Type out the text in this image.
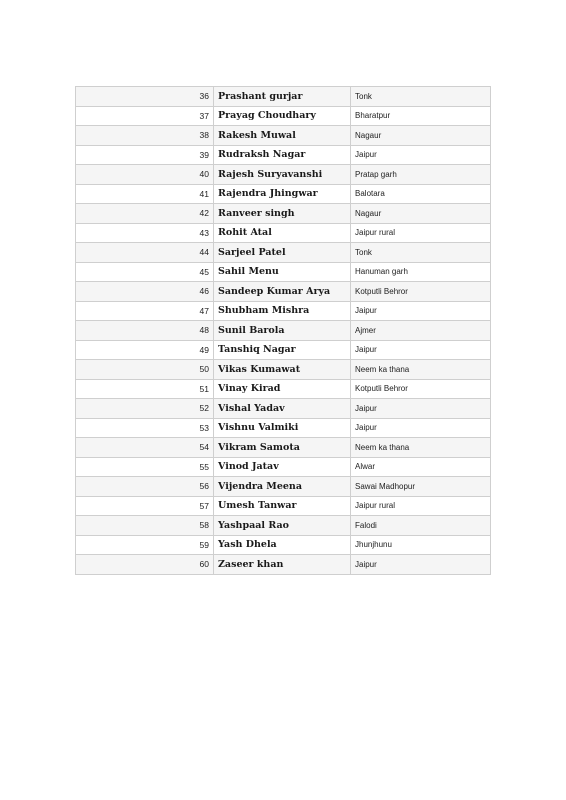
36 Prashant gurjar	Tonk
37 Prayag Choudhary	Bharatpur
38 Rakesh Muwal	Nagaur
39 Rudraksh Nagar	Jaipur
40 Rajesh Suryavanshi	Pratap garh
41 Rajendra Jhingwar	Balotara
42 Ranveer singh	Nagaur
43 Rohit Atal	Jaipur rural
44 Sarjeel Patel	Tonk
45 Sahil Menu	Hanuman garh
46 Sandeep Kumar Arya	Kotputli Behror
47 Shubham Mishra	Jaipur
48 Sunil Barola	Ajmer
49 Tanshiq Nagar	Jaipur
50 Vikas Kumawat	Neem ka thana
51 Vinay Kirad	Kotputli Behror
52 Vishal Yadav	Jaipur
53 Vishnu Valmiki	Jaipur
54 Vikram Samota	Neem ka thana
55 Vinod Jatav	Alwar
56 Vijendra Meena	Sawai Madhopur
57 Umesh Tanwar	Jaipur rural
58 Yashpaal Rao	Falodi
59 Yash Dhela	Jhunjhunu
60 Zaseer khan	Jaipur
